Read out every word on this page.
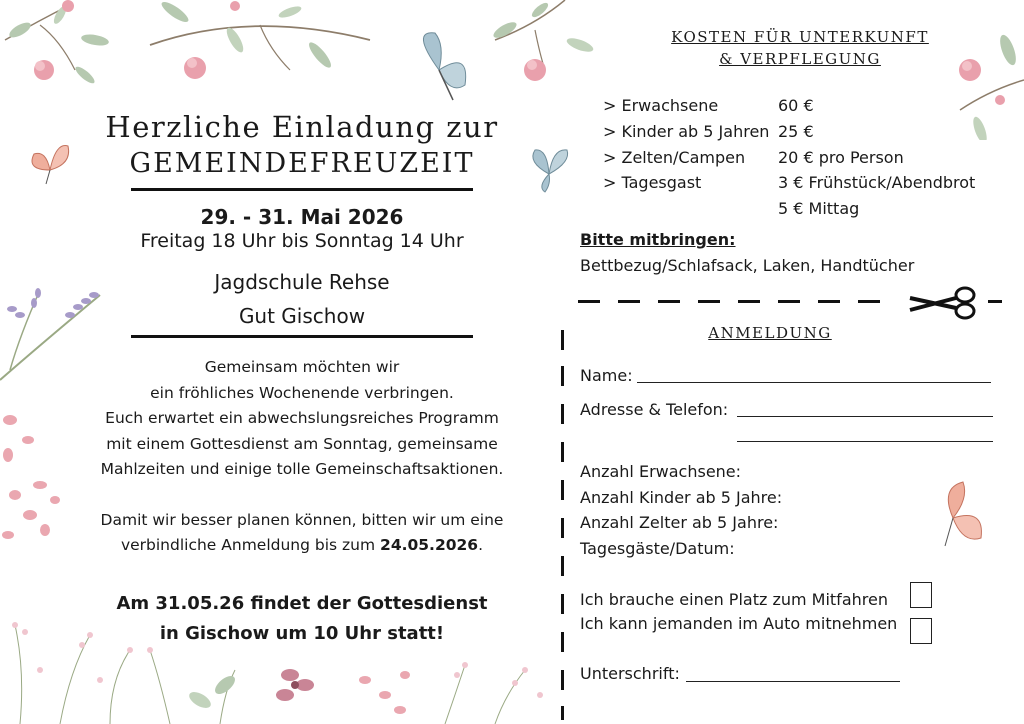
Herzliche Einladung zur
GEMEINDEFREUZEIT
29. - 31. Mai 2026
Freitag 18 Uhr bis Sonntag 14 Uhr
Jagdschule Rehse
Gut Gischow
Gemeinsam möchten wir
ein fröhliches Wochenende verbringen.
Euch erwartet ein abwechslungsreiches Programm
mit einem Gottesdienst am Sonntag, gemeinsame
Mahlzeiten und einige tolle Gemeinschaftsaktionen.
Damit wir besser planen können, bitten wir um eine
verbindliche Anmeldung bis zum 24.05.2026.
Am 31.05.26 findet der Gottesdienst
in Gischow um 10 Uhr statt!
KOSTEN FÜR UNTERKUNFT
& VERPFLEGUNG
> Erwachsene	60 €
> Kinder ab 5 Jahren 25 €
> Zelten/Campen 20 € pro Person
> Tagesgast	3 € Frühstück/Abendbrot
5 € Mittag
Bitte mitbringen:
Bettbezug/Schlafsack, Laken, Handtücher
ANMELDUNG
Name:
Adresse & Telefon:
Anzahl Erwachsene:
Anzahl Kinder ab 5 Jahre:
Anzahl Zelter ab 5 Jahre:
Tagesgäste/Datum:
Ich brauche einen Platz zum Mitfahren
Ich kann jemanden im Auto mitnehmen
Unterschrift:
